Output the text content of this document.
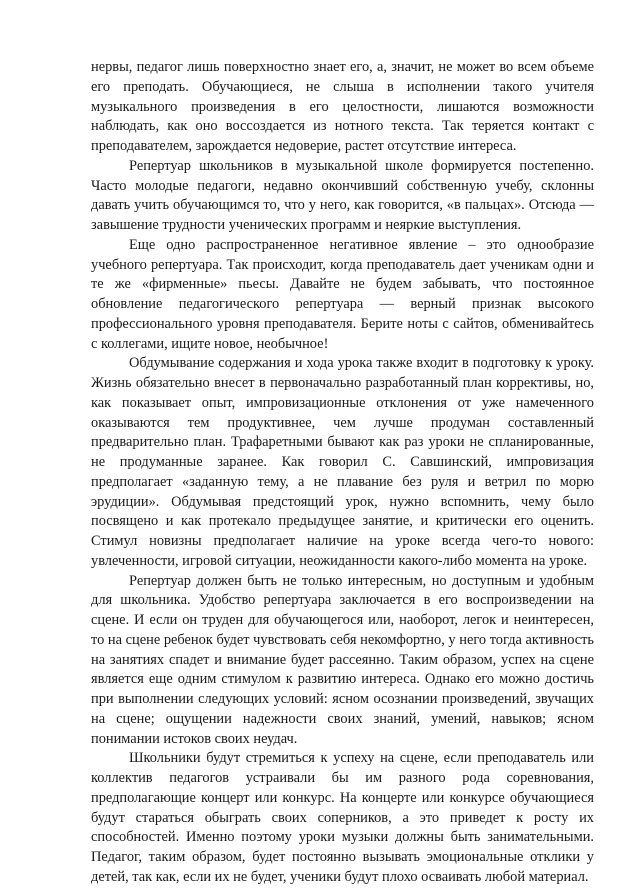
нервы, педагог лишь поверхностно знает его, а, значит, не может во всем объеме его преподать. Обучающиеся, не слыша в исполнении такого учителя музыкального произведения в его целостности, лишаются возможности наблюдать, как оно воссоздается из нотного текста. Так теряется контакт с преподавателем, зарождается недоверие, растет отсутствие интереса.

Репертуар школьников в музыкальной школе формируется постепенно. Часто молодые педагоги, недавно окончивший собственную учебу, склонны давать учить обучающимся то, что у него, как говорится, «в пальцах». Отсюда — завышение трудности ученических программ и неяркие выступления.

Еще одно распространенное негативное явление – это однообразие учебного репертуара. Так происходит, когда преподаватель дает ученикам одни и те же «фирменные» пьесы. Давайте не будем забывать, что постоянное обновление педагогического репертуара — верный признак высокого профессионального уровня преподавателя. Берите ноты с сайтов, обменивайтесь с коллегами, ищите новое, необычное!

Обдумывание содержания и хода урока также входит в подготовку к уроку. Жизнь обязательно внесет в первоначально разработанный план коррективы, но, как показывает опыт, импровизационные отклонения от уже намеченного оказываются тем продуктивнее, чем лучше продуман составленный предварительно план. Трафаретными бывают как раз уроки не спланированные, не продуманные заранее. Как говорил С. Савшинский, импровизация предполагает «заданную тему, а не плавание без руля и ветрил по морю эрудиции». Обдумывая предстоящий урок, нужно вспомнить, чему было посвящено и как протекало предыдущее занятие, и критически его оценить. Стимул новизны предполагает наличие на уроке всегда чего-то нового: увлеченности, игровой ситуации, неожиданности какого-либо момента на уроке.

Репертуар должен быть не только интересным, но доступным и удобным для школьника. Удобство репертуара заключается в его воспроизведении на сцене. И если он труден для обучающегося или, наоборот, легок и неинтересен, то на сцене ребенок будет чувствовать себя некомфортно, у него тогда активность на занятиях спадет и внимание будет рассеянно. Таким образом, успех на сцене является еще одним стимулом к развитию интереса. Однако его можно достичь при выполнении следующих условий: ясном осознании произведений, звучащих на сцене; ощущении надежности своих знаний, умений, навыков; ясном понимании истоков своих неудач.

Школьники будут стремиться к успеху на сцене, если преподаватель или коллектив педагогов устраивали бы им разного рода соревнования, предполагающие концерт или конкурс. На концерте или конкурсе обучающиеся будут стараться обыграть своих соперников, а это приведет к росту их способностей. Именно поэтому уроки музыки должны быть занимательными. Педагог, таким образом, будет постоянно вызывать эмоциональные отклики у детей, так как, если их не будет, ученики будут плохо осваивать любой материал.
